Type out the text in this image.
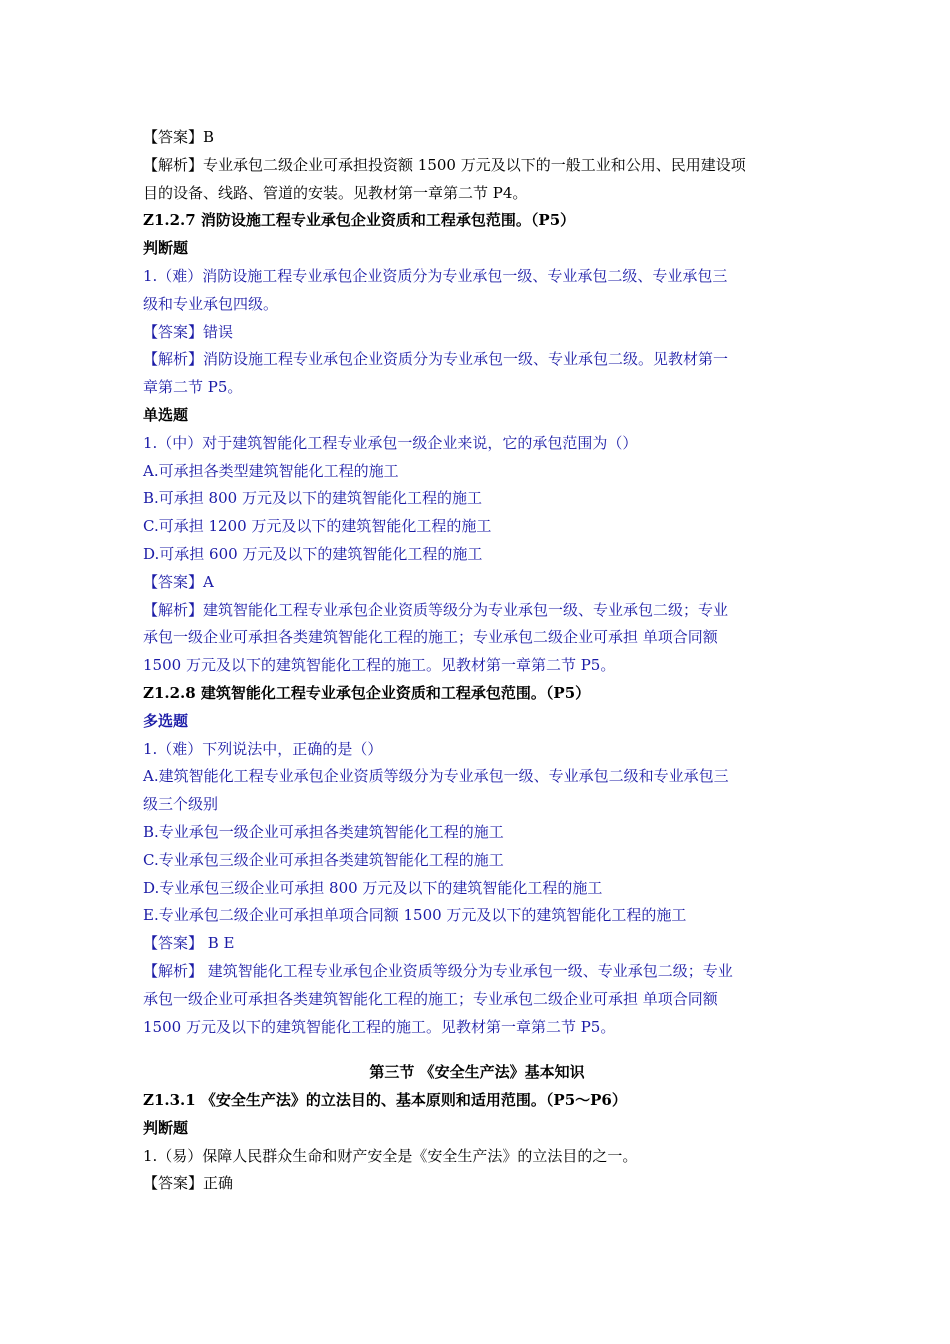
【答案】B
【解析】专业承包二级企业可承担投资额 1500 万元及以下的一般工业和公用、民用建设项
目的设备、线路、管道的安装。见教材第一章第二节 P4。
Z1.2.7 消防设施工程专业承包企业资质和工程承包范围。（P5）
判断题
1.（难）消防设施工程专业承包企业资质分为专业承包一级、专业承包二级、专业承包三
级和专业承包四级。
【答案】错误
【解析】消防设施工程专业承包企业资质分为专业承包一级、专业承包二级。见教材第一
章第二节 P5。
单选题
1.（中）对于建筑智能化工程专业承包一级企业来说，它的承包范围为（）
A.可承担各类型建筑智能化工程的施工
B.可承担 800 万元及以下的建筑智能化工程的施工
C.可承担 1200 万元及以下的建筑智能化工程的施工
D.可承担 600 万元及以下的建筑智能化工程的施工
【答案】A
【解析】建筑智能化工程专业承包企业资质等级分为专业承包一级、专业承包二级；专业
承包一级企业可承担各类建筑智能化工程的施工；专业承包二级企业可承担 单项合同额
1500 万元及以下的建筑智能化工程的施工。见教材第一章第二节 P5。
Z1.2.8 建筑智能化工程专业承包企业资质和工程承包范围。（P5）
多选题
1.（难）下列说法中，正确的是（）
A.建筑智能化工程专业承包企业资质等级分为专业承包一级、专业承包二级和专业承包三
级三个级别
B.专业承包一级企业可承担各类建筑智能化工程的施工
C.专业承包三级企业可承担各类建筑智能化工程的施工
D.专业承包三级企业可承担 800 万元及以下的建筑智能化工程的施工
E.专业承包二级企业可承担单项合同额 1500 万元及以下的建筑智能化工程的施工
【答案】 B E
【解析】 建筑智能化工程专业承包企业资质等级分为专业承包一级、专业承包二级；专业
承包一级企业可承担各类建筑智能化工程的施工；专业承包二级企业可承担 单项合同额
1500 万元及以下的建筑智能化工程的施工。见教材第一章第二节 P5。
第三节 《安全生产法》基本知识
Z1.3.1 《安全生产法》的立法目的、基本原则和适用范围。（P5～P6）
判断题
1.（易）保障人民群众生命和财产安全是《安全生产法》的立法目的之一。
【答案】正确
